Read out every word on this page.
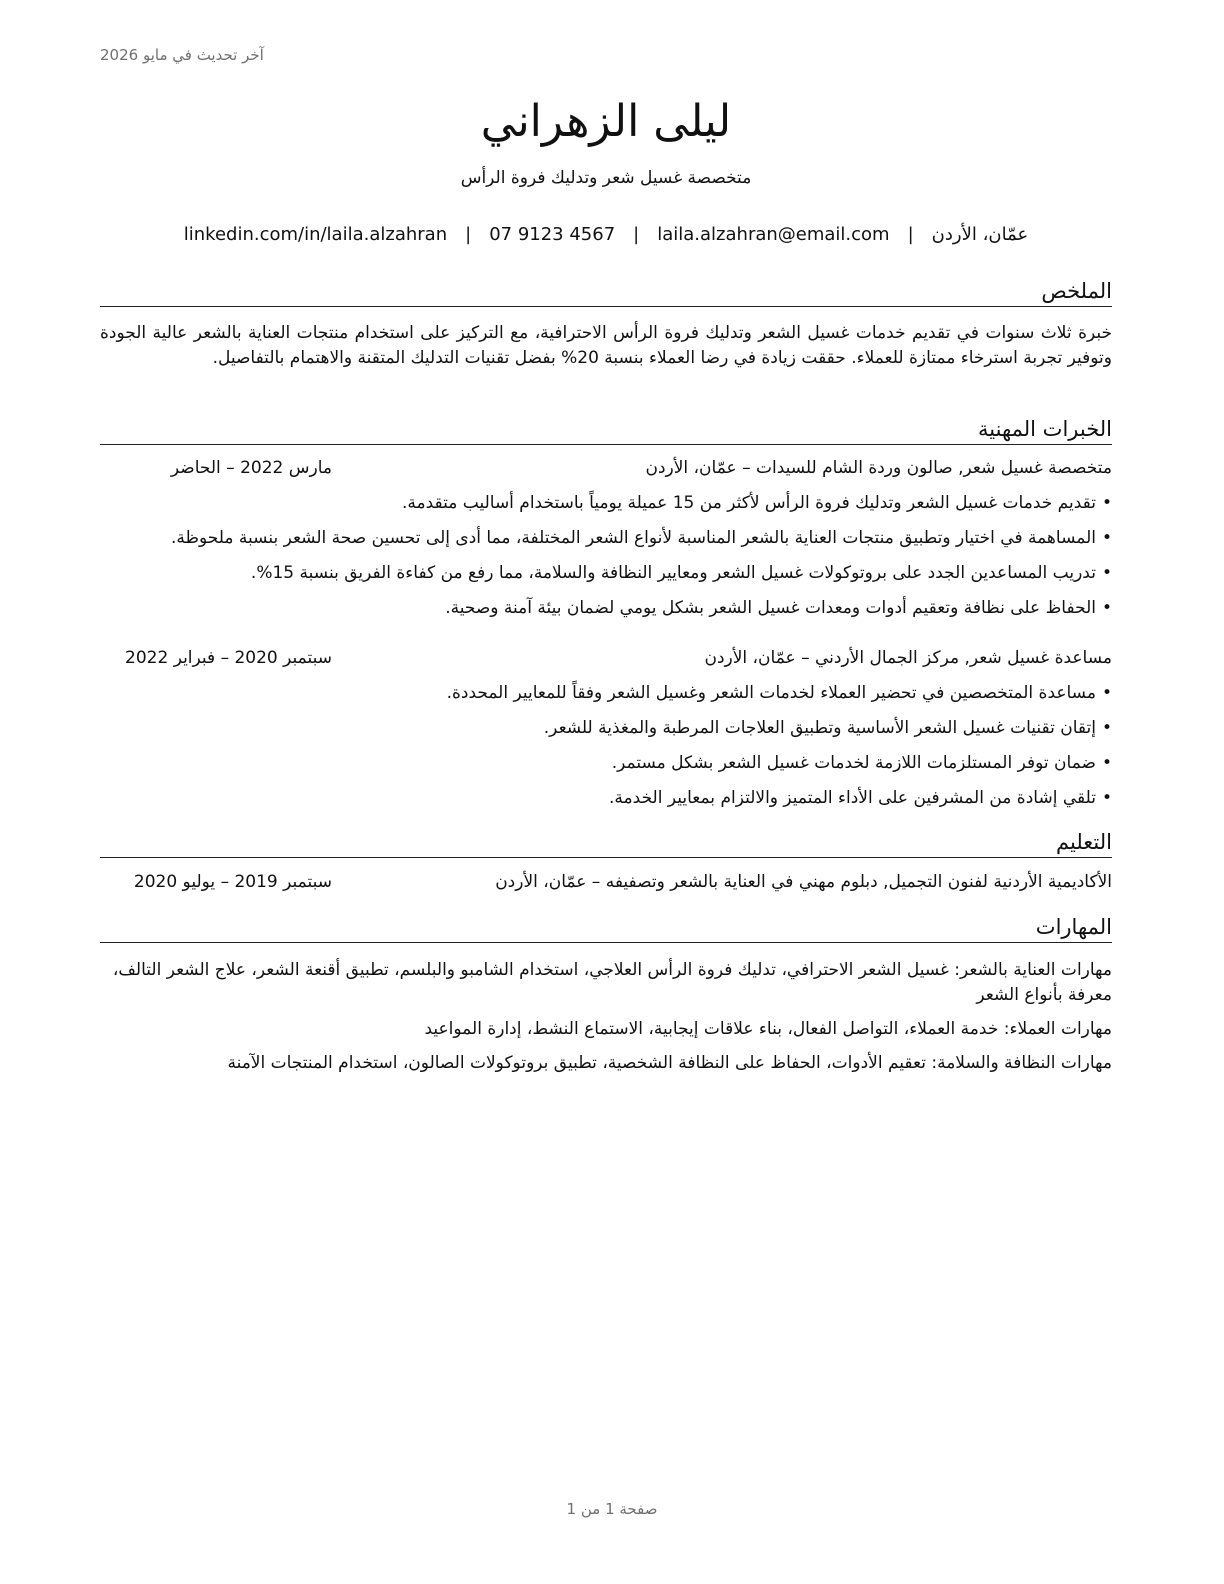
آخر تحديث في مايو 2026
ليلى الزهراني
متخصصة غسيل شعر وتدليك فروة الرأس
عمّان، الأردن
|
laila.alzahran@email.com
|
07 9123 4567
|
linkedin.com/in/laila.alzahran
الملخص
خبرة ثلاث سنوات في تقديم خدمات غسيل الشعر وتدليك فروة الرأس الاحترافية، مع التركيز على استخدام منتجات العناية بالشعر عالية الجودة وتوفير تجربة استرخاء ممتازة للعملاء. حققت زيادة في رضا العملاء بنسبة 20% بفضل تقنيات التدليك المتقنة والاهتمام بالتفاصيل.
الخبرات المهنية
متخصصة غسيل شعر, صالون وردة الشام للسيدات – عمّان، الأردن
مارس 2022 – الحاضر
•تقديم خدمات غسيل الشعر وتدليك فروة الرأس لأكثر من 15 عميلة يومياً باستخدام أساليب متقدمة.
•المساهمة في اختيار وتطبيق منتجات العناية بالشعر المناسبة لأنواع الشعر المختلفة، مما أدى إلى تحسين صحة الشعر بنسبة ملحوظة.
•تدريب المساعدين الجدد على بروتوكولات غسيل الشعر ومعايير النظافة والسلامة، مما رفع من كفاءة الفريق بنسبة 15%.
•الحفاظ على نظافة وتعقيم أدوات ومعدات غسيل الشعر بشكل يومي لضمان بيئة آمنة وصحية.
مساعدة غسيل شعر, مركز الجمال الأردني – عمّان، الأردن
سبتمبر 2020 – فبراير 2022
•مساعدة المتخصصين في تحضير العملاء لخدمات الشعر وغسيل الشعر وفقاً للمعايير المحددة.
•إتقان تقنيات غسيل الشعر الأساسية وتطبيق العلاجات المرطبة والمغذية للشعر.
•ضمان توفر المستلزمات اللازمة لخدمات غسيل الشعر بشكل مستمر.
•تلقي إشادة من المشرفين على الأداء المتميز والالتزام بمعايير الخدمة.
التعليم
الأكاديمية الأردنية لفنون التجميل, دبلوم مهني في العناية بالشعر وتصفيفه – عمّان، الأردن
سبتمبر 2019 – يوليو 2020
المهارات
مهارات العناية بالشعر: غسيل الشعر الاحترافي، تدليك فروة الرأس العلاجي، استخدام الشامبو والبلسم، تطبيق أقنعة الشعر، علاج الشعر التالف، معرفة بأنواع الشعر
مهارات العملاء: خدمة العملاء، التواصل الفعال، بناء علاقات إيجابية، الاستماع النشط، إدارة المواعيد
مهارات النظافة والسلامة: تعقيم الأدوات، الحفاظ على النظافة الشخصية، تطبيق بروتوكولات الصالون، استخدام المنتجات الآمنة
صفحة 1 من 1
